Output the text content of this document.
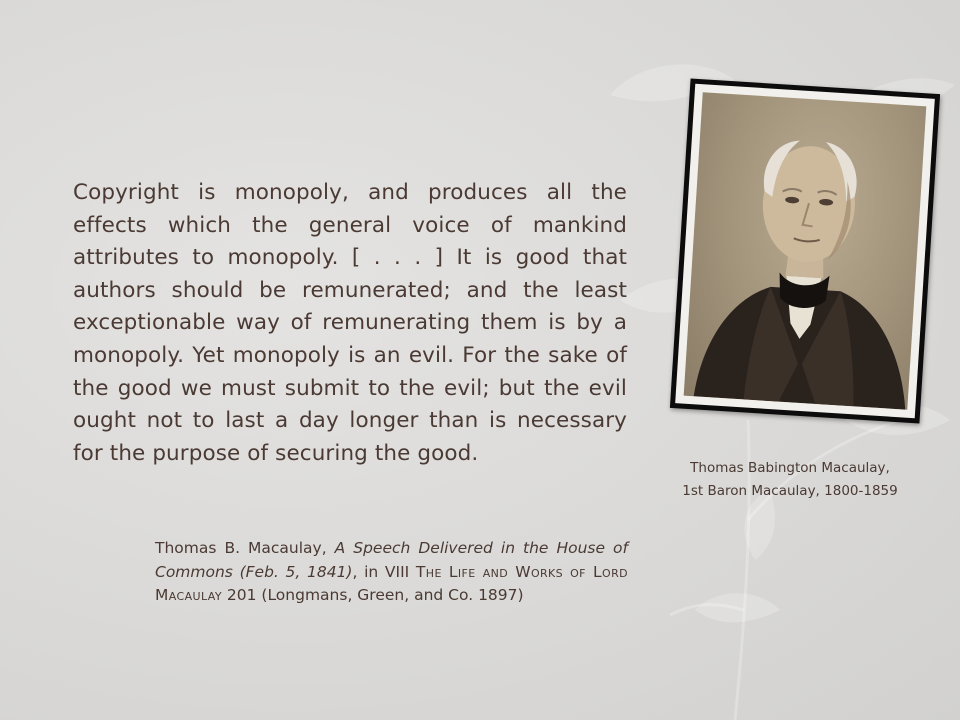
Copyright is monopoly, and produces all the effects which the general voice of mankind attributes to monopoly. [ . . . ] It is good that authors should be remunerated; and the least exceptionable way of remunerating them is by a monopoly. Yet monopoly is an evil. For the sake of the good we must submit to the evil; but the evil ought not to last a day longer than is necessary for the purpose of securing the good.

Thomas B. Macaulay, A Speech Delivered in the House of Commons (Feb. 5, 1841), in VIII The Life and Works of Lord Macaulay 201 (Longmans, Green, and Co. 1897)

Thomas Babington Macaulay,
1st Baron Macaulay, 1800-1859
